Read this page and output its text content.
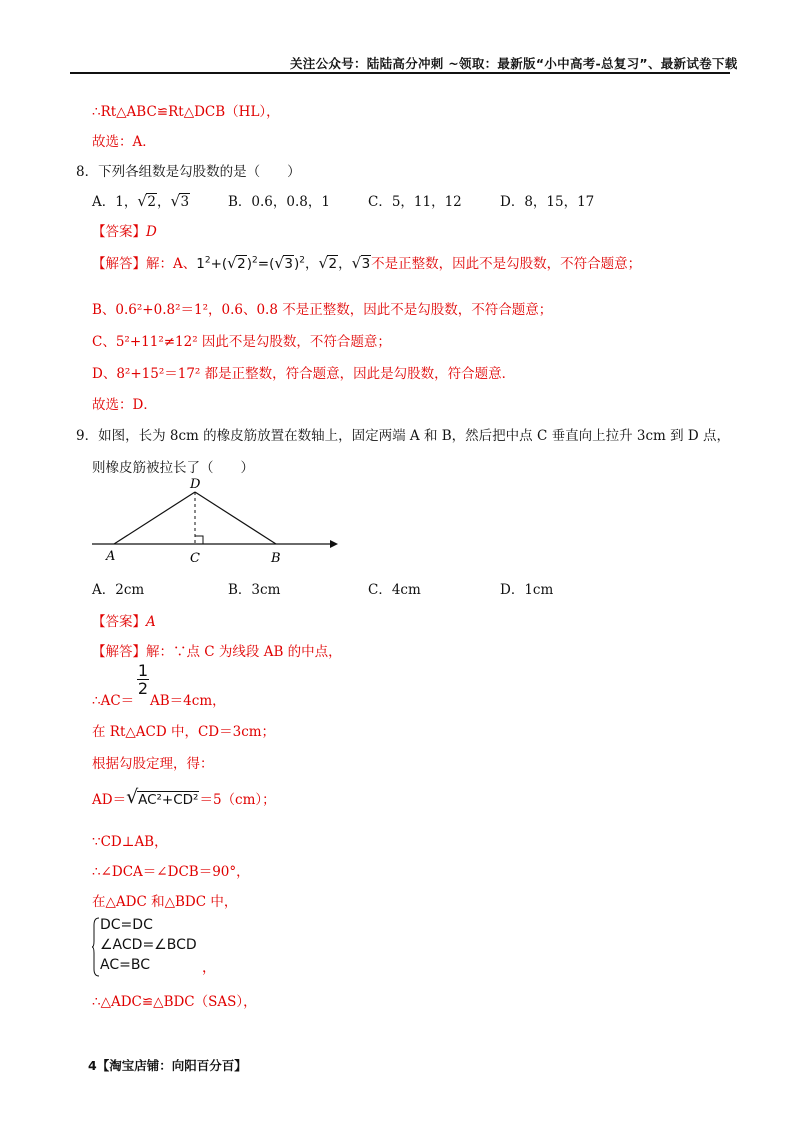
关注公众号：陆陆高分冲刺 ~领取：最新版“小中高考-总复习”、最新试卷下载
∴Rt△ABC≌Rt△DCB（HL），
故选：A．
8．下列各组数是勾股数的是（　　）
A．1， √ 2， √ 3	B．0.6，0.8，1	C．5，11，12	D．8，15，17
【答案】D
【解答】解：A、$1^2+$( √ 2)$^2$=( √ 3)$^2$， √ 2， √ 3不是正整数，因此不是勾股数，不符合题意；
B、0.6²+0.8²＝1²，0.6、0.8 不是正整数，因此不是勾股数，不符合题意；
C、5²+11²≠12² 因此不是勾股数，不符合题意；
D、8²+15²＝17² 都是正整数，符合题意，因此是勾股数，符合题意．
故选：D．
9．如图，长为 8cm 的橡皮筋放置在数轴上，固定两端 A 和 B，然后把中点 C 垂直向上拉升 3cm 到 D 点，
则橡皮筋被拉长了（　　）
A	C	B
D
A．2cm	B．3cm	C．4cm	D．1cm
【答案】A
【解答】解：∵点 C 为线段 AB 的中点，
1
2
∴AC＝ AB＝4cm，
在 Rt△ACD 中，CD＝3cm；
根据勾股定理，得：
AD＝ √ AC²+CD²＝5（cm）；
∵CD⊥AB，
∴∠DCA＝∠DCB＝90°，
在△ADC 和△BDC 中，
DC=DC
∠ACD=∠BCD
AC=BC	，
∴△ADC≌△BDC（SAS），
4【淘宝店铺：向阳百分百】
